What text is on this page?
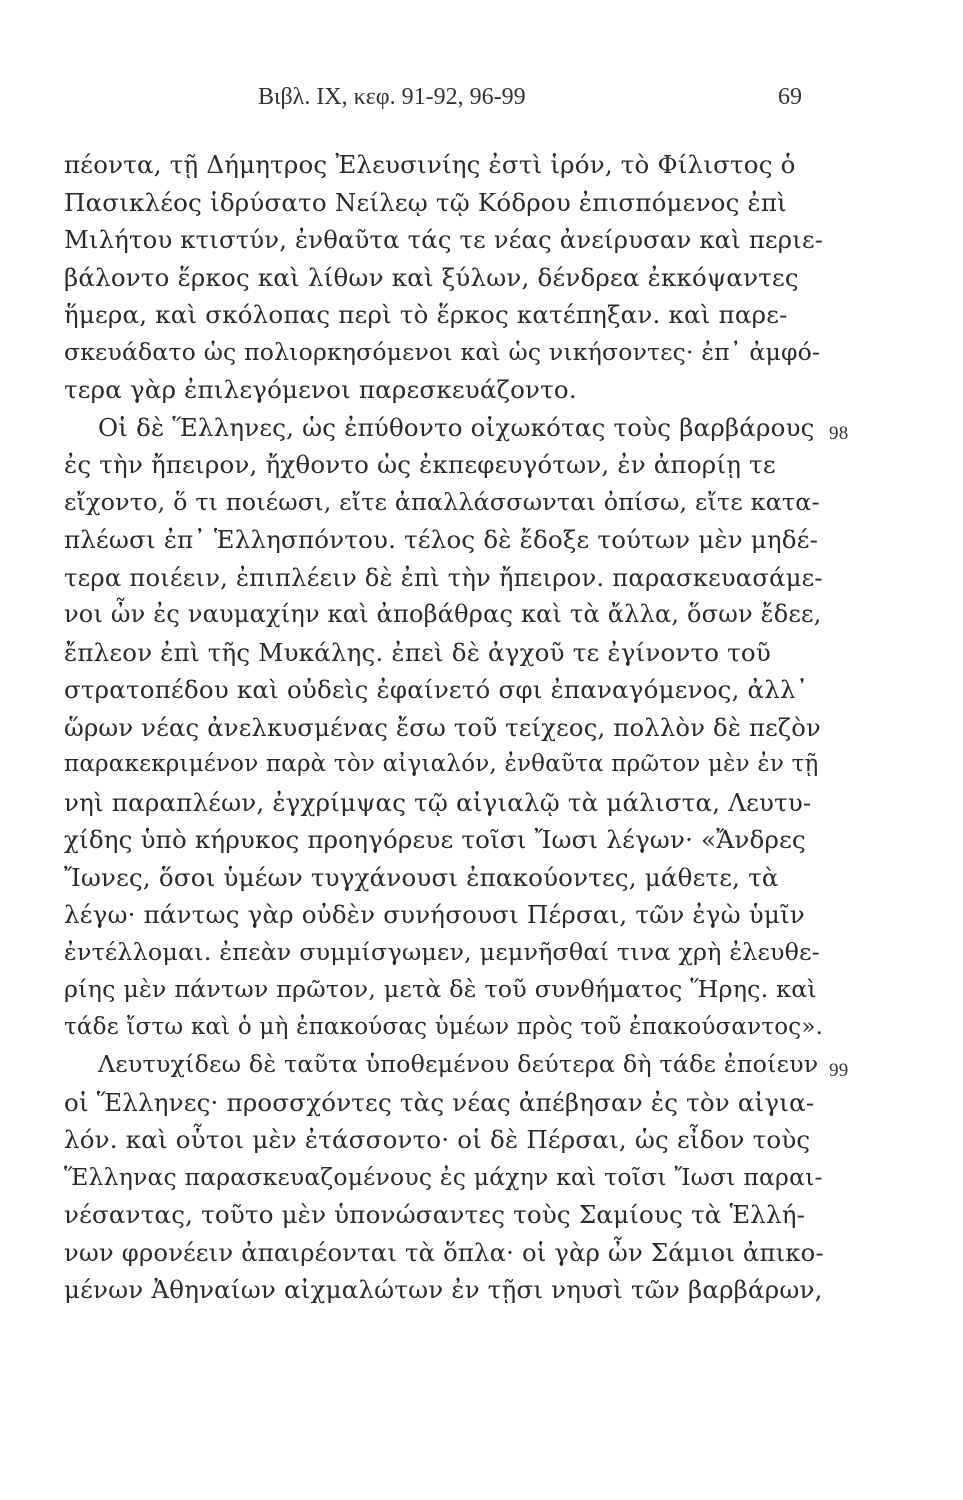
Βιβλ. IX, κεφ. 91-92, 96-99	69
πέοντα, τῇ Δήμητρος Ἐλευσινίης ἐστὶ ἱρόν, τὸ Φίλιστος ὁ
Πασικλέος ἱδρύσατο Νείλεῳ τῷ Κόδρου ἐπισπόμενος ἐπὶ
Μιλήτου κτιστύν, ἐνθαῦτα τάς τε νέας ἀνείρυσαν καὶ περιε-
βάλοντο ἕρκος καὶ λίθων καὶ ξύλων, δένδρεα ἐκκόψαντες
ἥμερα, καὶ σκόλοπας περὶ τὸ ἕρκος κατέπηξαν. καὶ παρε-
σκευάδατο ὡς πολιορκησόμενοι καὶ ὡς νικήσοντες· ἐπ᾽ ἀμφό-
τερα γὰρ ἐπιλεγόμενοι παρεσκευάζοντο.
Οἱ δὲ Ἕλληνες, ὡς ἐπύθοντο οἰχωκότας τοὺς βαρβάρους 98
ἐς τὴν ἤπειρον, ἤχθοντο ὡς ἐκπεφευγότων, ἐν ἀπορίῃ τε
εἴχοντο, ὅ τι ποιέωσι, εἴτε ἀπαλλάσσωνται ὀπίσω, εἴτε κατα-
πλέωσι ἐπ᾽ Ἑλλησπόντου. τέλος δὲ ἔδοξε τούτων μὲν μηδέ-
τερα ποιέειν, ἐπιπλέειν δὲ ἐπὶ τὴν ἤπειρον. παρασκευασάμε-
νοι ὦν ἐς ναυμαχίην καὶ ἀποβάθρας καὶ τὰ ἄλλα, ὅσων ἔδεε,
ἔπλεον ἐπὶ τῆς Μυκάλης. ἐπεὶ δὲ ἀγχοῦ τε ἐγίνοντο τοῦ
στρατοπέδου καὶ οὐδεὶς ἐφαίνετό σφι ἐπαναγόμενος, ἀλλ᾽
ὥρων νέας ἀνελκυσμένας ἔσω τοῦ τείχεος, πολλὸν δὲ πεζὸν
παρακεκριμένον παρὰ τὸν αἰγιαλόν, ἐνθαῦτα πρῶτον μὲν ἐν τῇ
νηὶ παραπλέων, ἐγχρίμψας τῷ αἰγιαλῷ τὰ μάλιστα, Λευτυ-
χίδης ὑπὸ κήρυκος προηγόρευε τοῖσι Ἴωσι λέγων· «Ἄνδρες
Ἴωνες, ὅσοι ὑμέων τυγχάνουσι ἐπακούοντες, μάθετε, τὰ
λέγω· πάντως γὰρ οὐδὲν συνήσουσι Πέρσαι, τῶν ἐγὼ ὑμῖν
ἐντέλλομαι. ἐπεὰν συμμίσγωμεν, μεμνῆσθαί τινα χρὴ ἐλευθε-
ρίης μὲν πάντων πρῶτον, μετὰ δὲ τοῦ συνθήματος Ἥρης. καὶ
τάδε ἴστω καὶ ὁ μὴ ἐπακούσας ὑμέων πρὸς τοῦ ἐπακούσαντος».
Λευτυχίδεω δὲ ταῦτα ὑποθεμένου δεύτερα δὴ τάδε ἐποίευν 99
οἱ Ἕλληνες· προσσχόντες τὰς νέας ἀπέβησαν ἐς τὸν αἰγια-
λόν. καὶ οὗτοι μὲν ἐτάσσοντο· οἱ δὲ Πέρσαι, ὡς εἶδον τοὺς
Ἕλληνας παρασκευαζομένους ἐς μάχην καὶ τοῖσι Ἴωσι παραι-
νέσαντας, τοῦτο μὲν ὑπονώσαντες τοὺς Σαμίους τὰ Ἑλλή-
νων φρονέειν ἀπαιρέονται τὰ ὅπλα· οἱ γὰρ ὦν Σάμιοι ἀπικο-
μένων Ἀθηναίων αἰχμαλώτων ἐν τῇσι νηυσὶ τῶν βαρβάρων,
